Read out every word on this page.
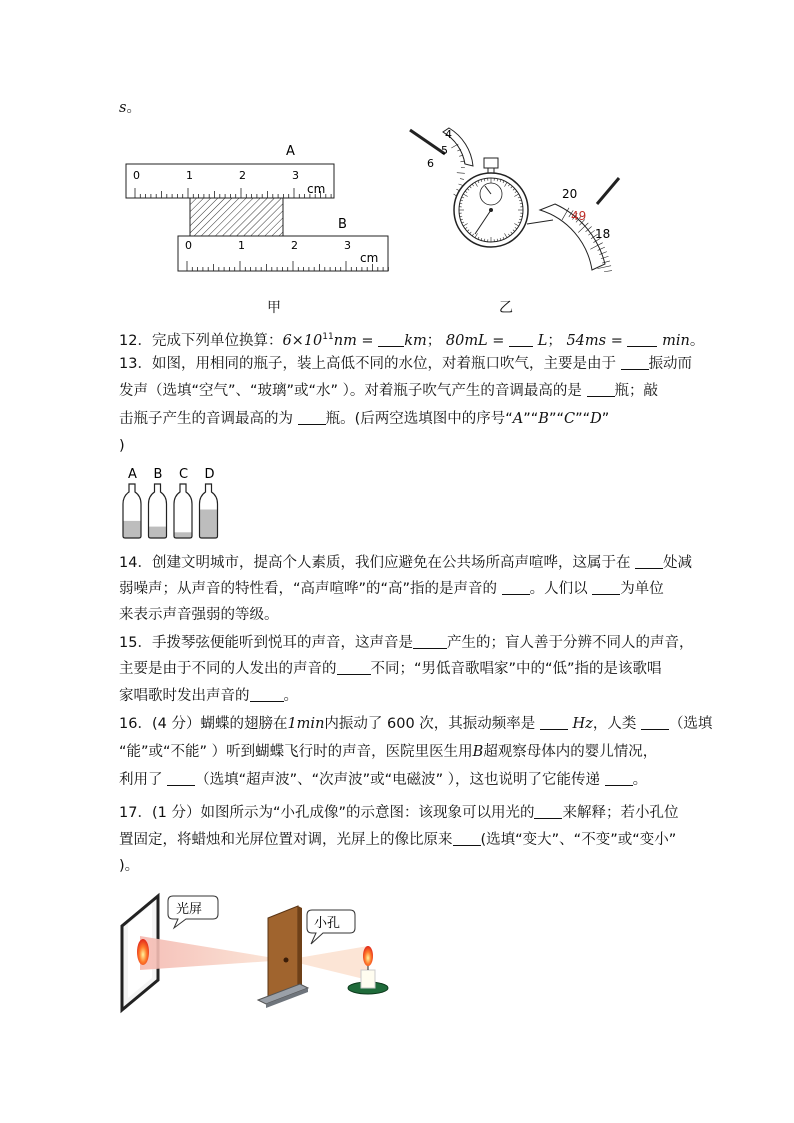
s。
A
0	1	2	3
cm
B
0	1	2	3
cm
甲
4
5
6
20
49
18
乙
12．完成下列单位换算：$6\times 10^{11}nm$ = km； 80mL =  L； 54ms =  min。
13．如图，用相同的瓶子，装上高低不同的水位，对着瓶口吹气，主要是由于 振动而
发声（选填“空气”、“玻璃”或“水” ）。对着瓶子吹气产生的音调最高的是 瓶；敲
击瓶子产生的音调最高的为 瓶。(后两空选填图中的序号“A”“B”“C”“D”
)
A B C D
14．创建文明城市，提高个人素质，我们应避免在公共场所高声喧哗，这属于在 处减
弱噪声；从声音的特性看，“高声喧哗”的“高”指的是声音的 。人们以 为单位
来表示声音强弱的等级。
15．手拨琴弦便能听到悦耳的声音，这声音是 产生的；盲人善于分辨不同人的声音，
主要是由于不同的人发出的声音的 不同；“男低音歌唱家”中的“低”指的是该歌唱
家唱歌时发出声音的 。
16．(4 分）蝴蝶的翅膀在1min内振动了 600 次，其振动频率是  Hz，人类 （选填
“能”或“不能” ）听到蝴蝶飞行时的声音，医院里医生用B超观察母体内的婴儿情况，
利用了 （选填“超声波”、“次声波”或“电磁波” ），这也说明了它能传递 。
17．(1 分）如图所示为“小孔成像”的示意图：该现象可以用光的 来解释；若小孔位
置固定，将蜡烛和光屏位置对调，光屏上的像比原来 (选填“变大”、“不变”或“变小”
)。
光屏
小孔
